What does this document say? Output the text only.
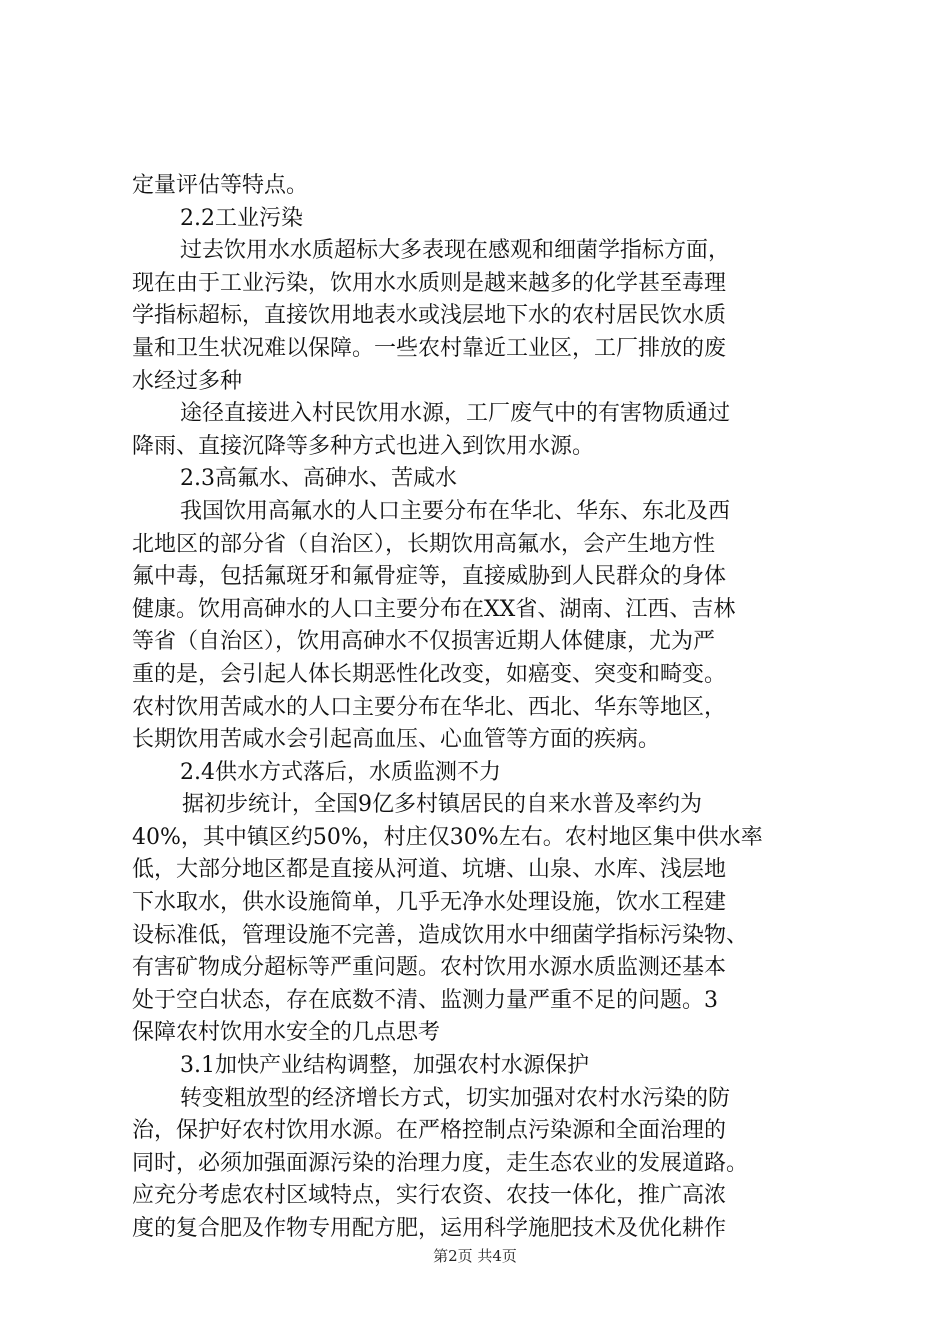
定量评估等特点。
2.2工业污染
过去饮用水水质超标大多表现在感观和细菌学指标方面，
现在由于工业污染，饮用水水质则是越来越多的化学甚至毒理
学指标超标，直接饮用地表水或浅层地下水的农村居民饮水质
量和卫生状况难以保障。一些农村靠近工业区，工厂排放的废
水经过多种
途径直接进入村民饮用水源，工厂废气中的有害物质通过
降雨、直接沉降等多种方式也进入到饮用水源。
2.3高氟水、高砷水、苦咸水
我国饮用高氟水的人口主要分布在华北、华东、东北及西
北地区的部分省（自治区），长期饮用高氟水，会产生地方性
氟中毒，包括氟斑牙和氟骨症等，直接威胁到人民群众的身体
健康。饮用高砷水的人口主要分布在XX省、湖南、江西、吉林
等省（自治区），饮用高砷水不仅损害近期人体健康，尤为严
重的是，会引起人体长期恶性化改变，如癌变、突变和畸变。
农村饮用苦咸水的人口主要分布在华北、西北、华东等地区，
长期饮用苦咸水会引起高血压、心血管等方面的疾病。
2.4供水方式落后，水质监测不力
据初步统计，全国9亿多村镇居民的自来水普及率约为
40%，其中镇区约50%，村庄仅30%左右。农村地区集中供水率
低，大部分地区都是直接从河道、坑塘、山泉、水库、浅层地
下水取水，供水设施简单，几乎无净水处理设施，饮水工程建
设标准低，管理设施不完善，造成饮用水中细菌学指标污染物、
有害矿物成分超标等严重问题。农村饮用水源水质监测还基本
处于空白状态，存在底数不清、监测力量严重不足的问题。3
保障农村饮用水安全的几点思考
3.1加快产业结构调整，加强农村水源保护
转变粗放型的经济增长方式，切实加强对农村水污染的防
治，保护好农村饮用水源。在严格控制点污染源和全面治理的
同时，必须加强面源污染的治理力度，走生态农业的发展道路。
应充分考虑农村区域特点，实行农资、农技一体化，推广高浓
度的复合肥及作物专用配方肥，运用科学施肥技术及优化耕作
第2页 共4页
